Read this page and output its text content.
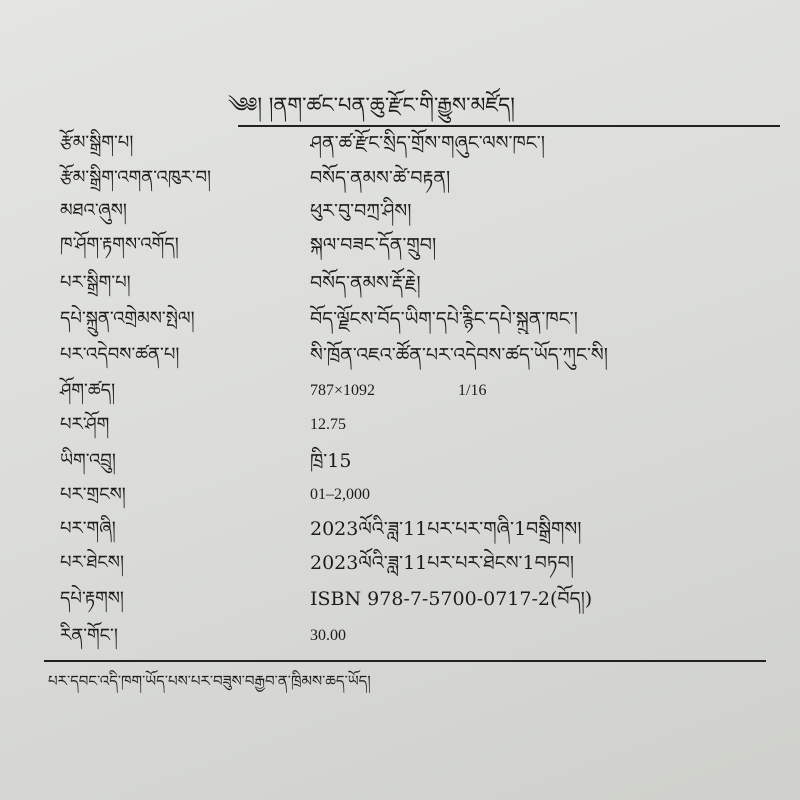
༄༅། །ནག་ཚང་པན་ཆུ་རྫོང་གི་རྒྱུས་མཛོད།
རྩོམ་སྒྲིག་པ།	ཤན་ཚ་རྫོང་སྲིད་གྲོས་གཞུང་ལས་ཁང་།
རྩོམ་སྒྲིག་འགན་འཁུར་བ།	བསོད་ནམས་ཚེ་བརྟན།
མཐའ་ཞུས།	ཕུར་བུ་བཀྲ་ཤིས།
ཁ་ཤོག་རྟགས་འགོད།	སྐལ་བཟང་དོན་གྲུབ།
པར་སྒྲིག་པ།	བསོད་ནམས་རྡོ་རྗེ།
དཔེ་སྐྲུན་འགྲེམས་སྤེལ།	བོད་ལྗོངས་བོད་ཡིག་དཔེ་རྙིང་དཔེ་སྐྲུན་ཁང་།
པར་འདེབས་ཚན་པ།	སི་ཁྲོན་འཇའ་ཚོན་པར་འདེབས་ཚད་ཡོད་ཀུང་སི།
ཤོག་ཚད།	787×1092	1/16
པར་ཤོག	12.75
ཡིག་འབྲུ།	ཁྲི་15
པར་གྲངས།	01–2,000
པར་གཞི།	2023ལོའི་ཟླ་11པར་པར་གཞི་1བསྒྲིགས།
པར་ཐེངས།	2023ལོའི་ཟླ་11པར་པར་ཐེངས་1བཏབ།
དཔེ་རྟགས།	ISBN 978-7-5700-0717-2(བོད།)
རིན་གོང་།	30.00
པར་དབང་འདི་ཁག་ཡོད་པས་པར་བཟུས་བརྒྱབ་ན་ཁྲིམས་ཆད་ཡོད།
